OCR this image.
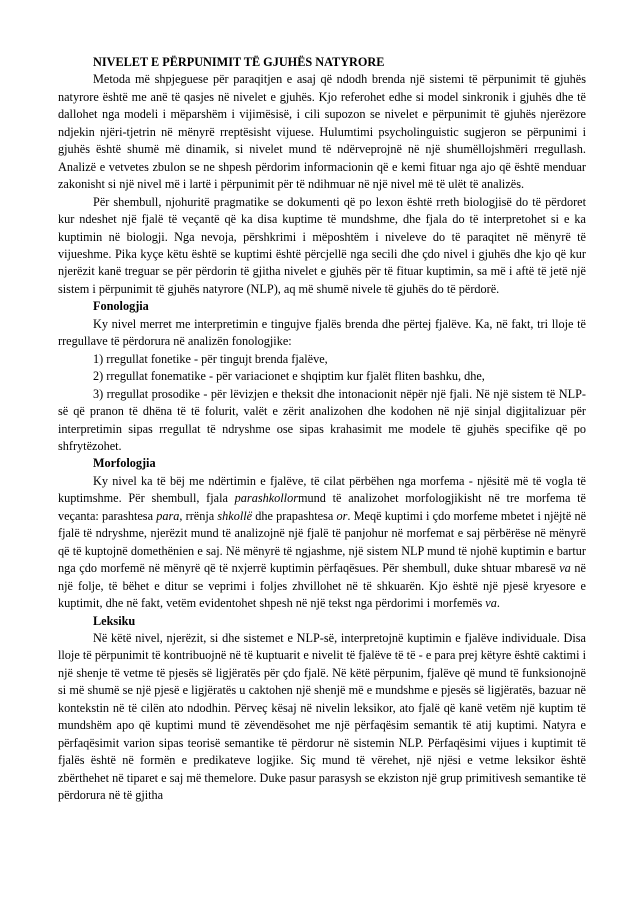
NIVELET E PËRPUNIMIT TË GJUHËS NATYRORE

Metoda më shpjeguese për paraqitjen e asaj që ndodh brenda një sistemi të përpunimit të gjuhës natyrore është me anë të qasjes në nivelet e gjuhës. Kjo referohet edhe si model sinkronik i gjuhës dhe të dallohet nga modeli i mëparshëm i vijimësisë, i cili supozon se nivelet e përpunimit të gjuhës njerëzore ndjekin njëri-tjetrin në mënyrë rreptësisht vijuese. Hulumtimi psycholinguistic sugjeron se përpunimi i gjuhës është shumë më dinamik, si nivelet mund të ndërveprojnë në një shumëllojshmëri rregullash. Analizë e vetvetes zbulon se ne shpesh përdorim informacionin që e kemi fituar nga ajo që është menduar zakonisht si një nivel më i lartë i përpunimit për të ndihmuar në një nivel më të ulët të analizës.

Për shembull, njohuritë pragmatike se dokumenti që po lexon është rreth biologjisë do të përdoret kur ndeshet një fjalë të veçantë që ka disa kuptime të mundshme, dhe fjala do të interpretohet si e ka kuptimin në biologji. Nga nevoja, përshkrimi i mëposhtëm i niveleve do të paraqitet në mënyrë të vijueshme. Pika kyçe këtu është se kuptimi është përcjellë nga secili dhe çdo nivel i gjuhës dhe kjo që kur njerëzit kanë treguar se për përdorin të gjitha nivelet e gjuhës për të fituar kuptimin, sa më i aftë të jetë një sistem i përpunimit të gjuhës natyrore (NLP), aq më shumë nivele të gjuhës do të përdorë.

Fonologjia

Ky nivel merret me interpretimin e tingujve fjalës brenda dhe përtej fjalëve. Ka, në fakt, tri lloje të rregullave të përdorura në analizën fonologjike:

1) rregullat fonetike - për tingujt brenda fjalëve,

2) rregullat fonematike - për variacionet e shqiptim kur fjalët fliten bashku, dhe,

3) rregullat prosodike - për lëvizjen e theksit dhe intonacionit nëpër një fjali. Në një sistem të NLP-së që pranon të dhëna të të folurit, valët e zërit analizohen dhe kodohen në një sinjal digjitalizuar për interpretimin sipas rregullat të ndryshme ose sipas krahasimit me modele të gjuhës specifike që po shfrytëzohet.

Morfologjia

Ky nivel ka të bëj me ndërtimin e fjalëve, të cilat përbëhen nga morfema - njësitë më të vogla të kuptimshme. Për shembull, fjala parashkollormund të analizohet morfologjikisht në tre morfema të veçanta: parashtesa para, rrënja shkollë dhe prapashtesa or. Meqë kuptimi i çdo morfeme mbetet i njëjtë në fjalë të ndryshme, njerëzit mund të analizojnë një fjalë të panjohur në morfemat e saj përbërëse në mënyrë që të kuptojnë domethënien e saj. Në mënyrë të ngjashme, një sistem NLP mund të njohë kuptimin e bartur nga çdo morfemë në mënyrë që të nxjerrë kuptimin përfaqësues. Për shembull, duke shtuar mbaresë va në një folje, të bëhet e ditur se veprimi i foljes zhvillohet në të shkuarën. Kjo është një pjesë kryesore e kuptimit, dhe në fakt, vetëm evidentohet shpesh në një tekst nga përdorimi i morfemës va.

Leksiku

Në këtë nivel, njerëzit, si dhe sistemet e NLP-së, interpretojnë kuptimin e fjalëve individuale. Disa lloje të përpunimit të kontribuojnë në të kuptuarit e nivelit të fjalëve të të - e para prej këtyre është caktimi i një shenje të vetme të pjesës së ligjëratës për çdo fjalë. Në këtë përpunim, fjalëve që mund të funksionojnë si më shumë se një pjesë e ligjëratës u caktohen një shenjë më e mundshme e pjesës së ligjëratës, bazuar në kontekstin në të cilën ato ndodhin. Përveç kësaj në nivelin leksikor, ato fjalë që kanë vetëm një kuptim të mundshëm apo që kuptimi mund të zëvendësohet me një përfaqësim semantik të atij kuptimi. Natyra e përfaqësimit varion sipas teorisë semantike të përdorur në sistemin NLP. Përfaqësimi vijues i kuptimit të fjalës është në formën e predikateve logjike. Siç mund të vërehet, një njësi e vetme leksikor është zbërthehet në tiparet e saj më themelore. Duke pasur parasysh se ekziston një grup primitivesh semantike të përdorura në të gjitha
